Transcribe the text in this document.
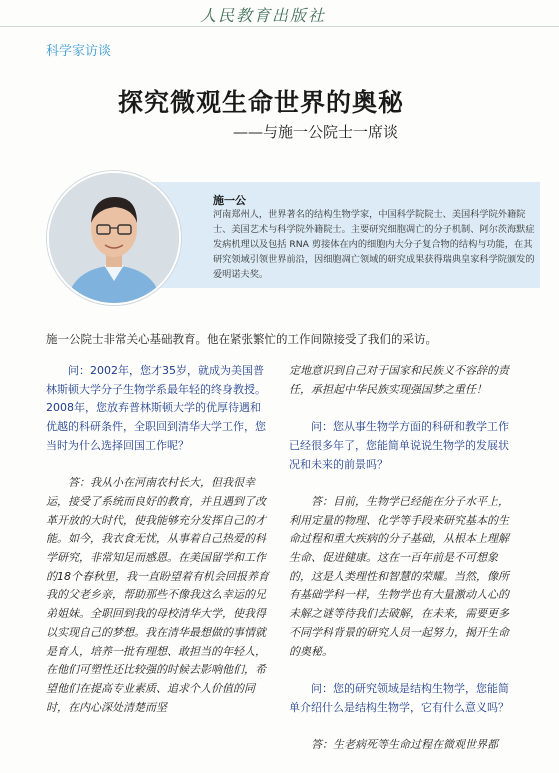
人民教育出版社
科学家访谈
探究微观生命世界的奥秘
——与施一公院士一席谈
施一公

河南郑州人，世界著名的结构生物学家，中国科学院院士、美国科学院外籍院士、美国艺术与科学院外籍院士。主要研究细胞凋亡的分子机制、阿尔茨海默症发病机理以及包括 RNA 剪接体在内的细胞内大分子复合物的结构与功能，在其研究领域引领世界前沿，因细胞凋亡领域的研究成果获得瑞典皇家科学院颁发的爱明诺夫奖。

施一公院士非常关心基础教育。他在紧张繁忙的工作间隙接受了我们的采访。

问：2002年，您才35岁，就成为美国普林斯顿大学分子生物学系最年轻的终身教授。2008年，您放弃普林斯顿大学的优厚待遇和优越的科研条件，全职回到清华大学工作，您当时为什么选择回国工作呢？

答：我从小在河南农村长大，但我很幸运，接受了系统而良好的教育，并且遇到了改革开放的大时代，使我能够充分发挥自己的才能。如今，我衣食无忧，从事着自己热爱的科学研究，非常知足而感恩。在美国留学和工作的18个春秋里，我一直盼望着有机会回报养育我的父老乡亲，帮助那些不像我这么幸运的兄弟姐妹。全职回到我的母校清华大学，使我得以实现自己的梦想。我在清华最想做的事情就是育人，培养一批有理想、敢担当的年轻人，在他们可塑性还比较强的时候去影响他们，希望他们在提高专业素质、追求个人价值的同时，在内心深处清楚而坚

定地意识到自己对于国家和民族义不容辞的责任，承担起中华民族实现强国梦之重任！

问：您从事生物学方面的科研和教学工作已经很多年了，您能简单说说生物学的发展状况和未来的前景吗？

答：目前，生物学已经能在分子水平上，利用定量的物理、化学等手段来研究基本的生命过程和重大疾病的分子基础，从根本上理解生命、促进健康。这在一百年前是不可想象的，这是人类理性和智慧的荣耀。当然，像所有基础学科一样，生物学也有大量激动人心的未解之谜等待我们去破解，在未来，需要更多不同学科背景的研究人员一起努力，揭开生命的奥秘。

问：您的研究领域是结构生物学，您能简单介绍什么是结构生物学，它有什么意义吗？

答：生老病死等生命过程在微观世界都
